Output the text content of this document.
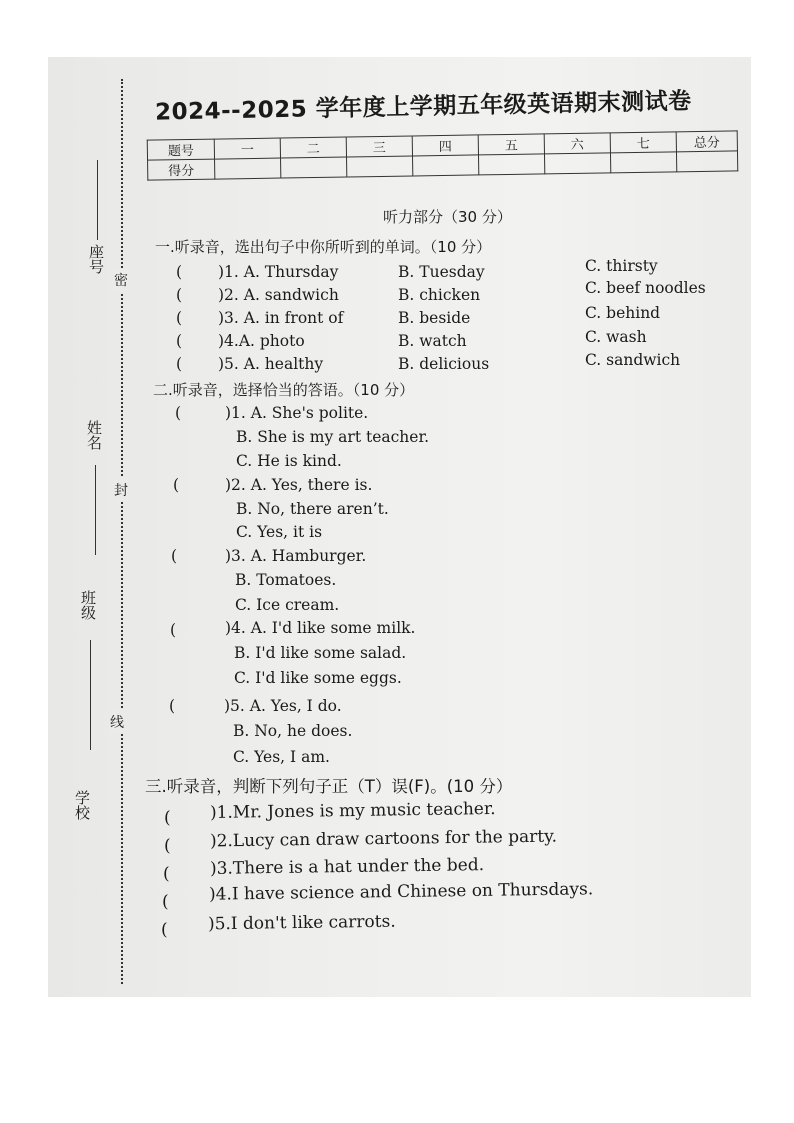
座号
密
姓名
封
班级
线
学校
2024--2025 学年度上学期五年级英语期末测试卷
题号	一	二	三	四	五	六	七	总分
得分								
听力部分（30 分）
一.听录音，选出句子中你所听到的单词。（10 分）
( )1. A. Thursday	B. Tuesday	C. thirsty
( )2. A. sandwich	B. chicken	C. beef noodles
( )3. A. in front of	B. beside	C. behind
( )4.A. photo	B. watch	C. wash
( )5. A. healthy	B. delicious	C. sandwich
二.听录音，选择恰当的答语。（10 分）
(	)1. A. She's polite.
B. She is my art teacher.
C. He is kind.
(	)2. A. Yes, there is.
B. No, there aren’t.
C. Yes, it is
(	)3. A. Hamburger.
B. Tomatoes.
C. Ice cream.
(	)4. A. I'd like some milk.
B. I'd like some salad.
C. I'd like some eggs.
(	)5. A. Yes, I do.
B. No, he does.
C. Yes, I am.
三.听录音，判断下列句子正（T）误(F)。(10 分）
( )1.Mr. Jones is my music teacher.
( )2.Lucy can draw cartoons for the party.
( )3.There is a hat under the bed.
( )4.I have science and Chinese on Thursdays.
( )5.I don't like carrots.
